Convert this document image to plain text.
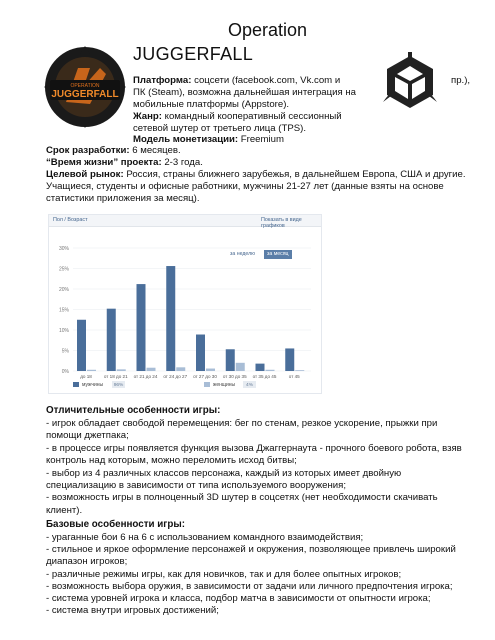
Operation
JUGGERFALL
OPERATION
JUGGERFALL
Платформа: соцсети (facebook.com, Vk.com и	пр.),
ПК (Steam), возможна дальнейшая интеграция на
мобильные платформы (Appstore).
Жанр: командный кооперативный сессионный
сетевой шутер от третьего лица (TPS).
Модель монетизации: Freemium
Срок разработки: 6 месяцев.
“Время жизни” проекта: 2-3 года.
Целевой рынок: Россия, страны ближнего зарубежья, в дальнейшем Европа, США и другие.
Учащиеся, студенты и офисные работники, мужчины 21-27 лет (данные взяты на основе
статистики приложения за месяц).
Пол / Возраст	Показать в виде графиков
за неделю	за месяц
30%
25%
20%
15%
10%
5%
0%
до 18	от 18 до 21 от 21 до 24 от 24 до 27 от 27 до 30 от 30 до 35 от 35 до 45	от 45
мужчины 96%	женщины 4%
Отличительные особенности игры:
- игрок обладает свободой перемещения: бег по стенам, резкое ускорение, прыжки при
помощи джетпака;
- в процессе игры появляется функция вызова Джаггернаута - прочного боевого робота, взяв
контроль над которым, можно переломить исход битвы;
- выбор из 4 различных классов персонажа, каждый из которых имеет двойную
специализацию в зависимости от типа используемого вооружения;
- возможность игры в полноценный 3D шутер в соцсетях (нет необходимости скачивать
клиент).
Базовые особенности игры:
- ураганные бои 6 на 6 с использованием командного взаимодействия;
- стильное и яркое оформление персонажей и окружения, позволяющее привлечь широкий
диапазон игроков;
- различные режимы игры, как для новичков, так и для более опытных игроков;
- возможность выбора оружия, в зависимости от задачи или личного предпочтения игрока;
- система уровней игрока и класса, подбор матча в зависимости от опытности игрока;
- система внутри игровых достижений;
